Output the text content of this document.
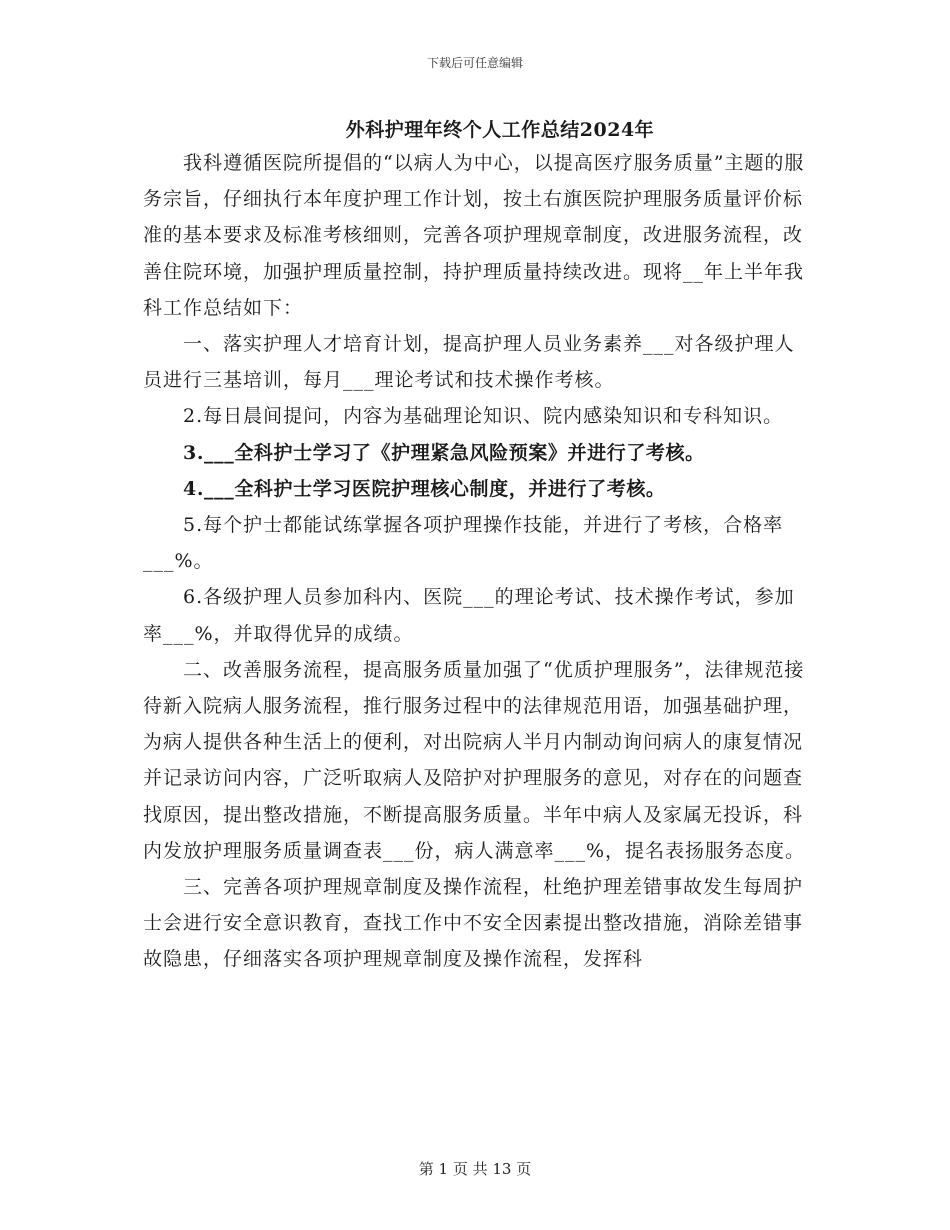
下载后可任意编辑
外科护理年终个人工作总结2024年

我科遵循医院所提倡的“以病人为中心，以提高医疗服务质量”主题的服务宗旨，仔细执行本年度护理工作计划，按土右旗医院护理服务质量评价标准的基本要求及标准考核细则，完善各项护理规章制度，改进服务流程，改善住院环境，加强护理质量控制，持护理质量持续改进。现将__年上半年我科工作总结如下：

一、落实护理人才培育计划，提高护理人员业务素养___对各级护理人员进行三基培训，每月___理论考试和技术操作考核。

2.每日晨间提问，内容为基础理论知识、院内感染知识和专科知识。

3.___全科护士学习了《护理紧急风险预案》并进行了考核。

4.___全科护士学习医院护理核心制度，并进行了考核。

5.每个护士都能试练掌握各项护理操作技能，并进行了考核，合格率___%。

6.各级护理人员参加科内、医院___的理论考试、技术操作考试，参加率___%，并取得优异的成绩。

二、改善服务流程，提高服务质量加强了“优质护理服务”，法律规范接待新入院病人服务流程，推行服务过程中的法律规范用语，加强基础护理，为病人提供各种生活上的便利，对出院病人半月内制动询问病人的康复情况并记录访问内容，广泛听取病人及陪护对护理服务的意见，对存在的问题查找原因，提出整改措施，不断提高服务质量。半年中病人及家属无投诉，科内发放护理服务质量调查表___份，病人满意率___%，提名表扬服务态度。

三、完善各项护理规章制度及操作流程，杜绝护理差错事故发生每周护士会进行安全意识教育，查找工作中不安全因素提出整改措施，消除差错事故隐患，仔细落实各项护理规章制度及操作流程，发挥科

第 1 页 共 13 页
